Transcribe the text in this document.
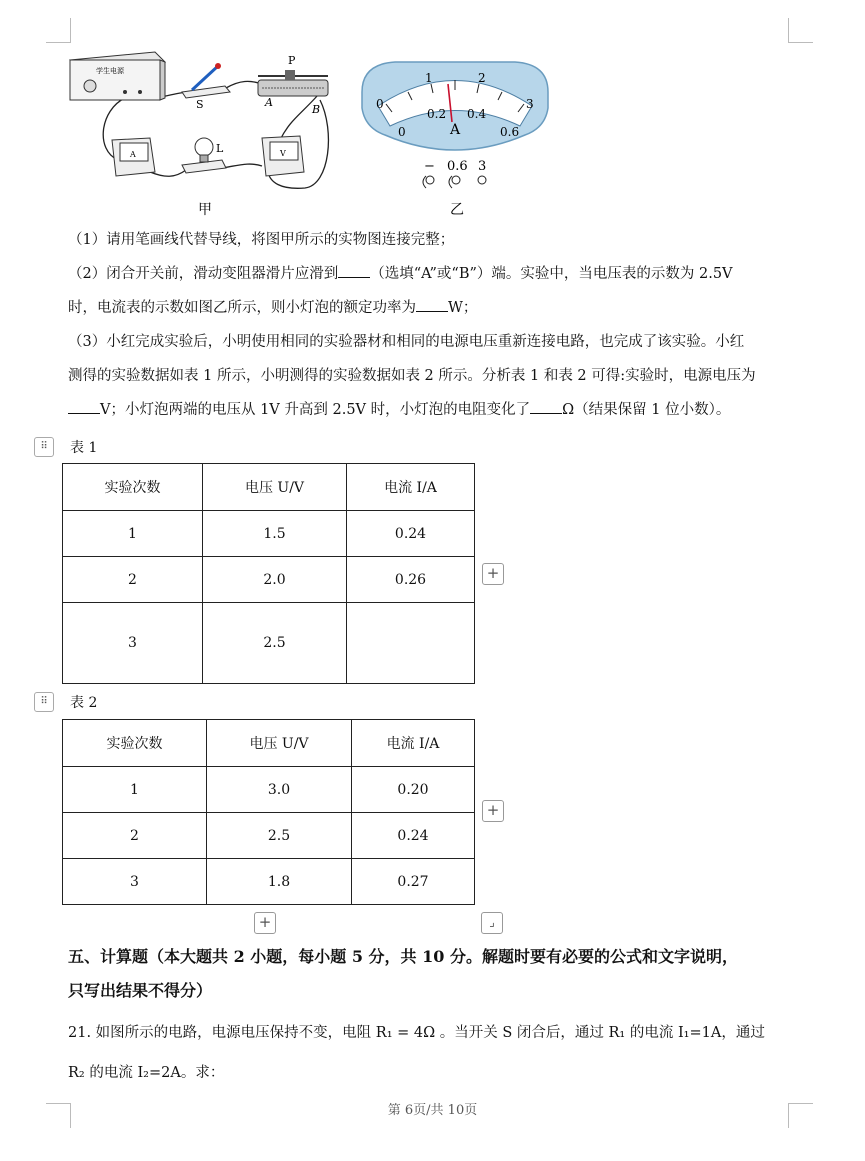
学生电源
S
P
A
B
A	L	V
甲
0
1	2
3
0
0.2 0.4
0.6
A
− 0.6 3
乙
（1）请用笔画线代替导线，将图甲所示的实物图连接完整；
（2）闭合开关前，滑动变阻器滑片应滑到 （选填“A”或“B”）端。实验中，当电压表的示数为 2.5V
时，电流表的示数如图乙所示，则小灯泡的额定功率为 W；
（3）小红完成实验后，小明使用相同的实验器材和相同的电源电压重新连接电路，也完成了该实验。小红
测得的实验数据如表 1 所示，小明测得的实验数据如表 2 所示。分析表 1 和表 2 可得:实验时，电源电压为
V；小灯泡两端的电压从 1V 升高到 2.5V 时，小灯泡的电阻变化了 Ω（结果保留 1 位小数）。
⠿	表 1
实验次数	电压 U/V	电流 I/A
1	1.5	0.24
2	2.0	0.26
3	2.5	
+
⠿	表 2
实验次数	电压 U/V	电流 I/A
1	3.0	0.20
2	2.5	0.24
3	1.8	0.27
+
+	⌟
五、计算题（本大题共 2 小题，每小题 5 分，共 10 分。解题时要有必要的公式和文字说明，
只写出结果不得分）
21. 如图所示的电路，电源电压保持不变，电阻 R₁ = 4Ω 。当开关 S 闭合后，通过 R₁ 的电流 I₁=1A，通过
R₂ 的电流 I₂=2A。求：
第 6页/共 10页
